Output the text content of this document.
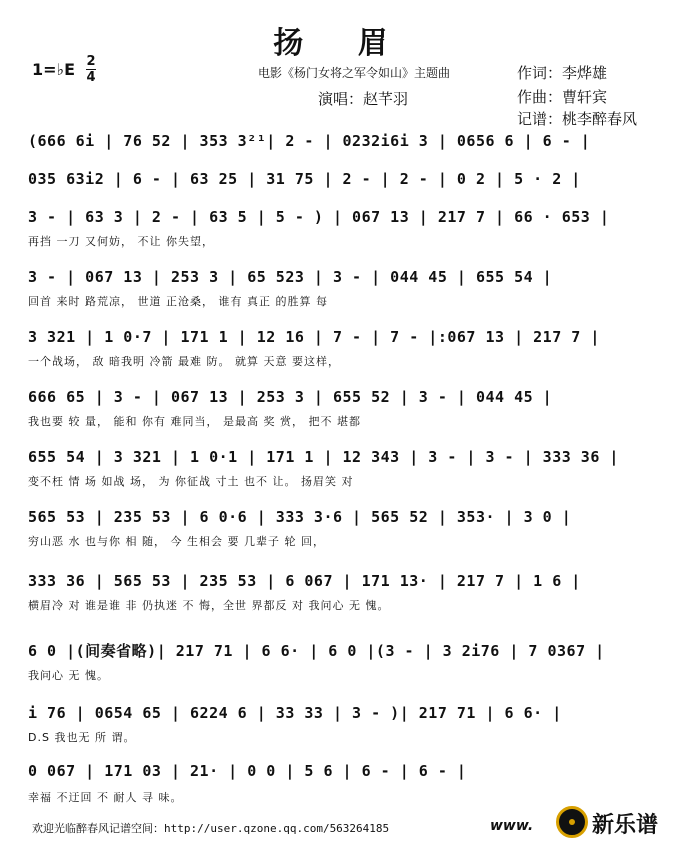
扬 眉
1=♭E 2
4	电影《杨门女将之军令如山》主题曲
演唱：赵芊羽
作词：李烨雄
作曲：曹轩宾
记谱：桃李醉春风
(666 6i | 76 52 | 353 3²¹| 2 - | 0232i6i 3 | 0656 6 | 6 - |
035 63i2 | 6 - | 63 25 | 31 75 | 2 - | 2 - | 0 2 | 5 · 2 |
3 - | 63 3 | 2 - | 63 5 | 5 - ) | 067 13 | 217 7 | 66 · 653 |
再挡 一刀 又何妨， 不让 你失望，
3 - | 067 13 | 253 3 | 65 523 | 3 - | 044 45 | 655 54 |
回首 来时 路荒凉， 世道 正沧桑， 谁有 真正 的胜算 每
3 321 | 1 0·7 | 171 1 | 12 16 | 7 - | 7 - |:067 13 | 217 7 |
一个战场， 敌 暗我明 冷箭 最难 防。 就算 天意 要这样，
666 65 | 3 - | 067 13 | 253 3 | 655 52 | 3 - | 044 45 |
我也要 较 量， 能和 你有 难同当， 是最高 奖 赏， 把不 堪都
655 54 | 3 321 | 1 0·1 | 171 1 | 12 343 | 3 - | 3 - | 333 36 |
变不枉 情 场 如战 场， 为 你征战 寸土 也不 让。 扬眉笑 对
565 53 | 235 53 | 6 0·6 | 333 3·6 | 565 52 | 353· | 3 0 |
穷山恶 水 也与你 相 随， 今 生相会 要 几辈子 轮 回，
333 36 | 565 53 | 235 53 | 6 067 | 171 13· | 217 7 | 1 6 |
横眉冷 对 谁是谁 非 仍执迷 不 悔，全世 界都反 对 我问心 无 愧。
6 0 |(间奏省略)| 217 71 | 6 6· | 6 0 |(3 - | 3 2i76 | 7 0367 |
我问心 无 愧。
i 76 | 0654 65 | 6224 6 | 33 33 | 3 - )| 217 71 | 6 6· |
D.S 我也无 所 谓。
0 067 | 171 03 | 21· | 0 0 | 5 6 | 6 - | 6 - |
幸福 不迂回 不 耐人 寻 味。
欢迎光临醉春风记谱空间：http://user.qzone.qq.com/563264185	www.	新乐谱
